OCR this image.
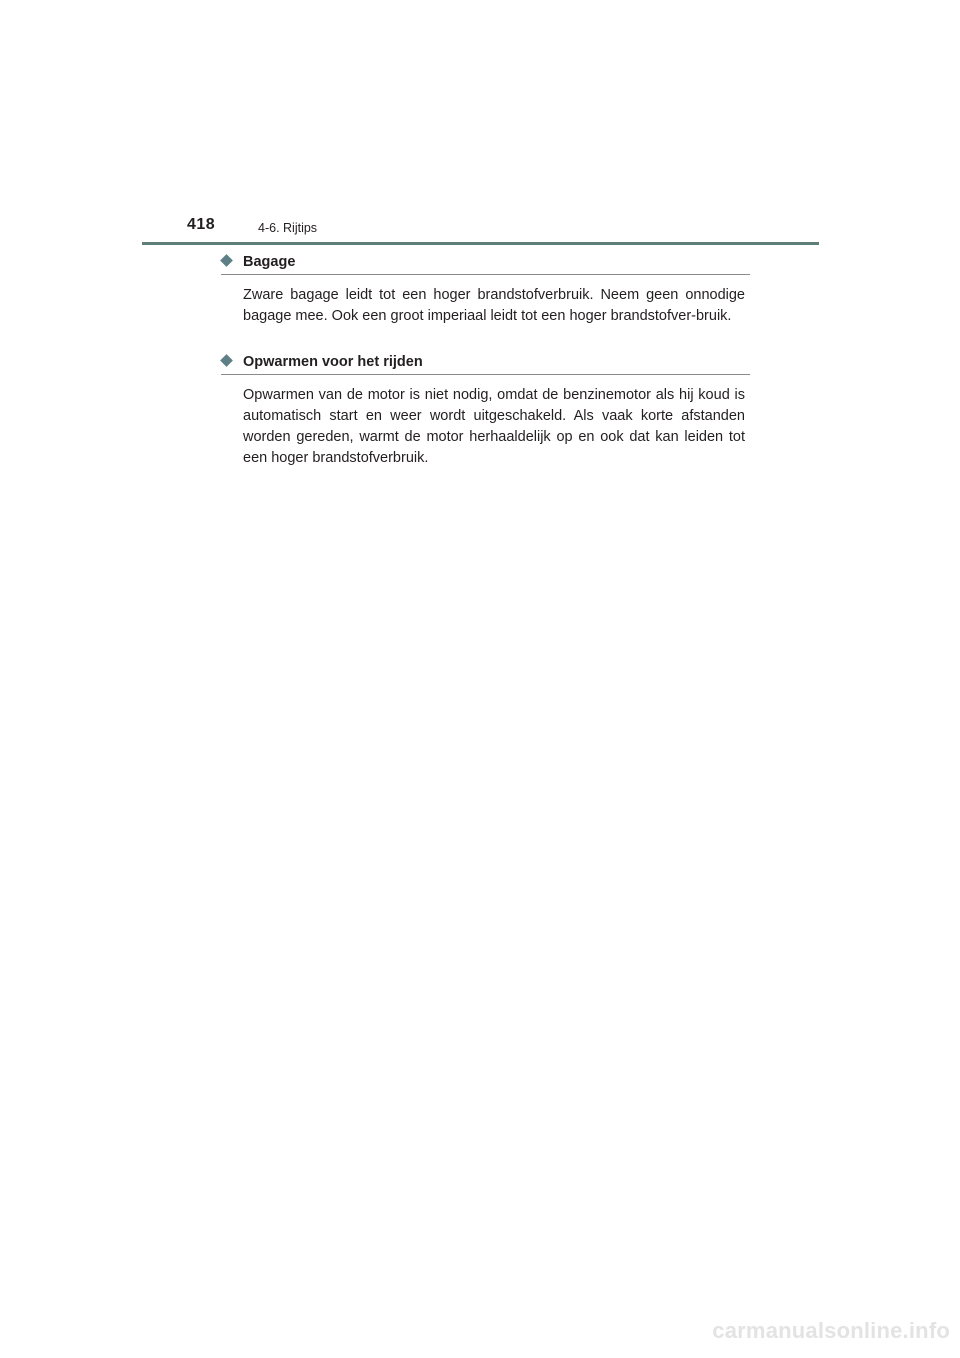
418	4-6. Rijtips
Bagage

Zware bagage leidt tot een hoger brandstofverbruik. Neem geen onnodige bagage mee. Ook een groot imperiaal leidt tot een hoger brandstofver-bruik.

Opwarmen voor het rijden

Opwarmen van de motor is niet nodig, omdat de benzinemotor als hij koud is automatisch start en weer wordt uitgeschakeld. Als vaak korte afstanden worden gereden, warmt de motor herhaaldelijk op en ook dat kan leiden tot een hoger brandstofverbruik.

carmanualsonline.info
